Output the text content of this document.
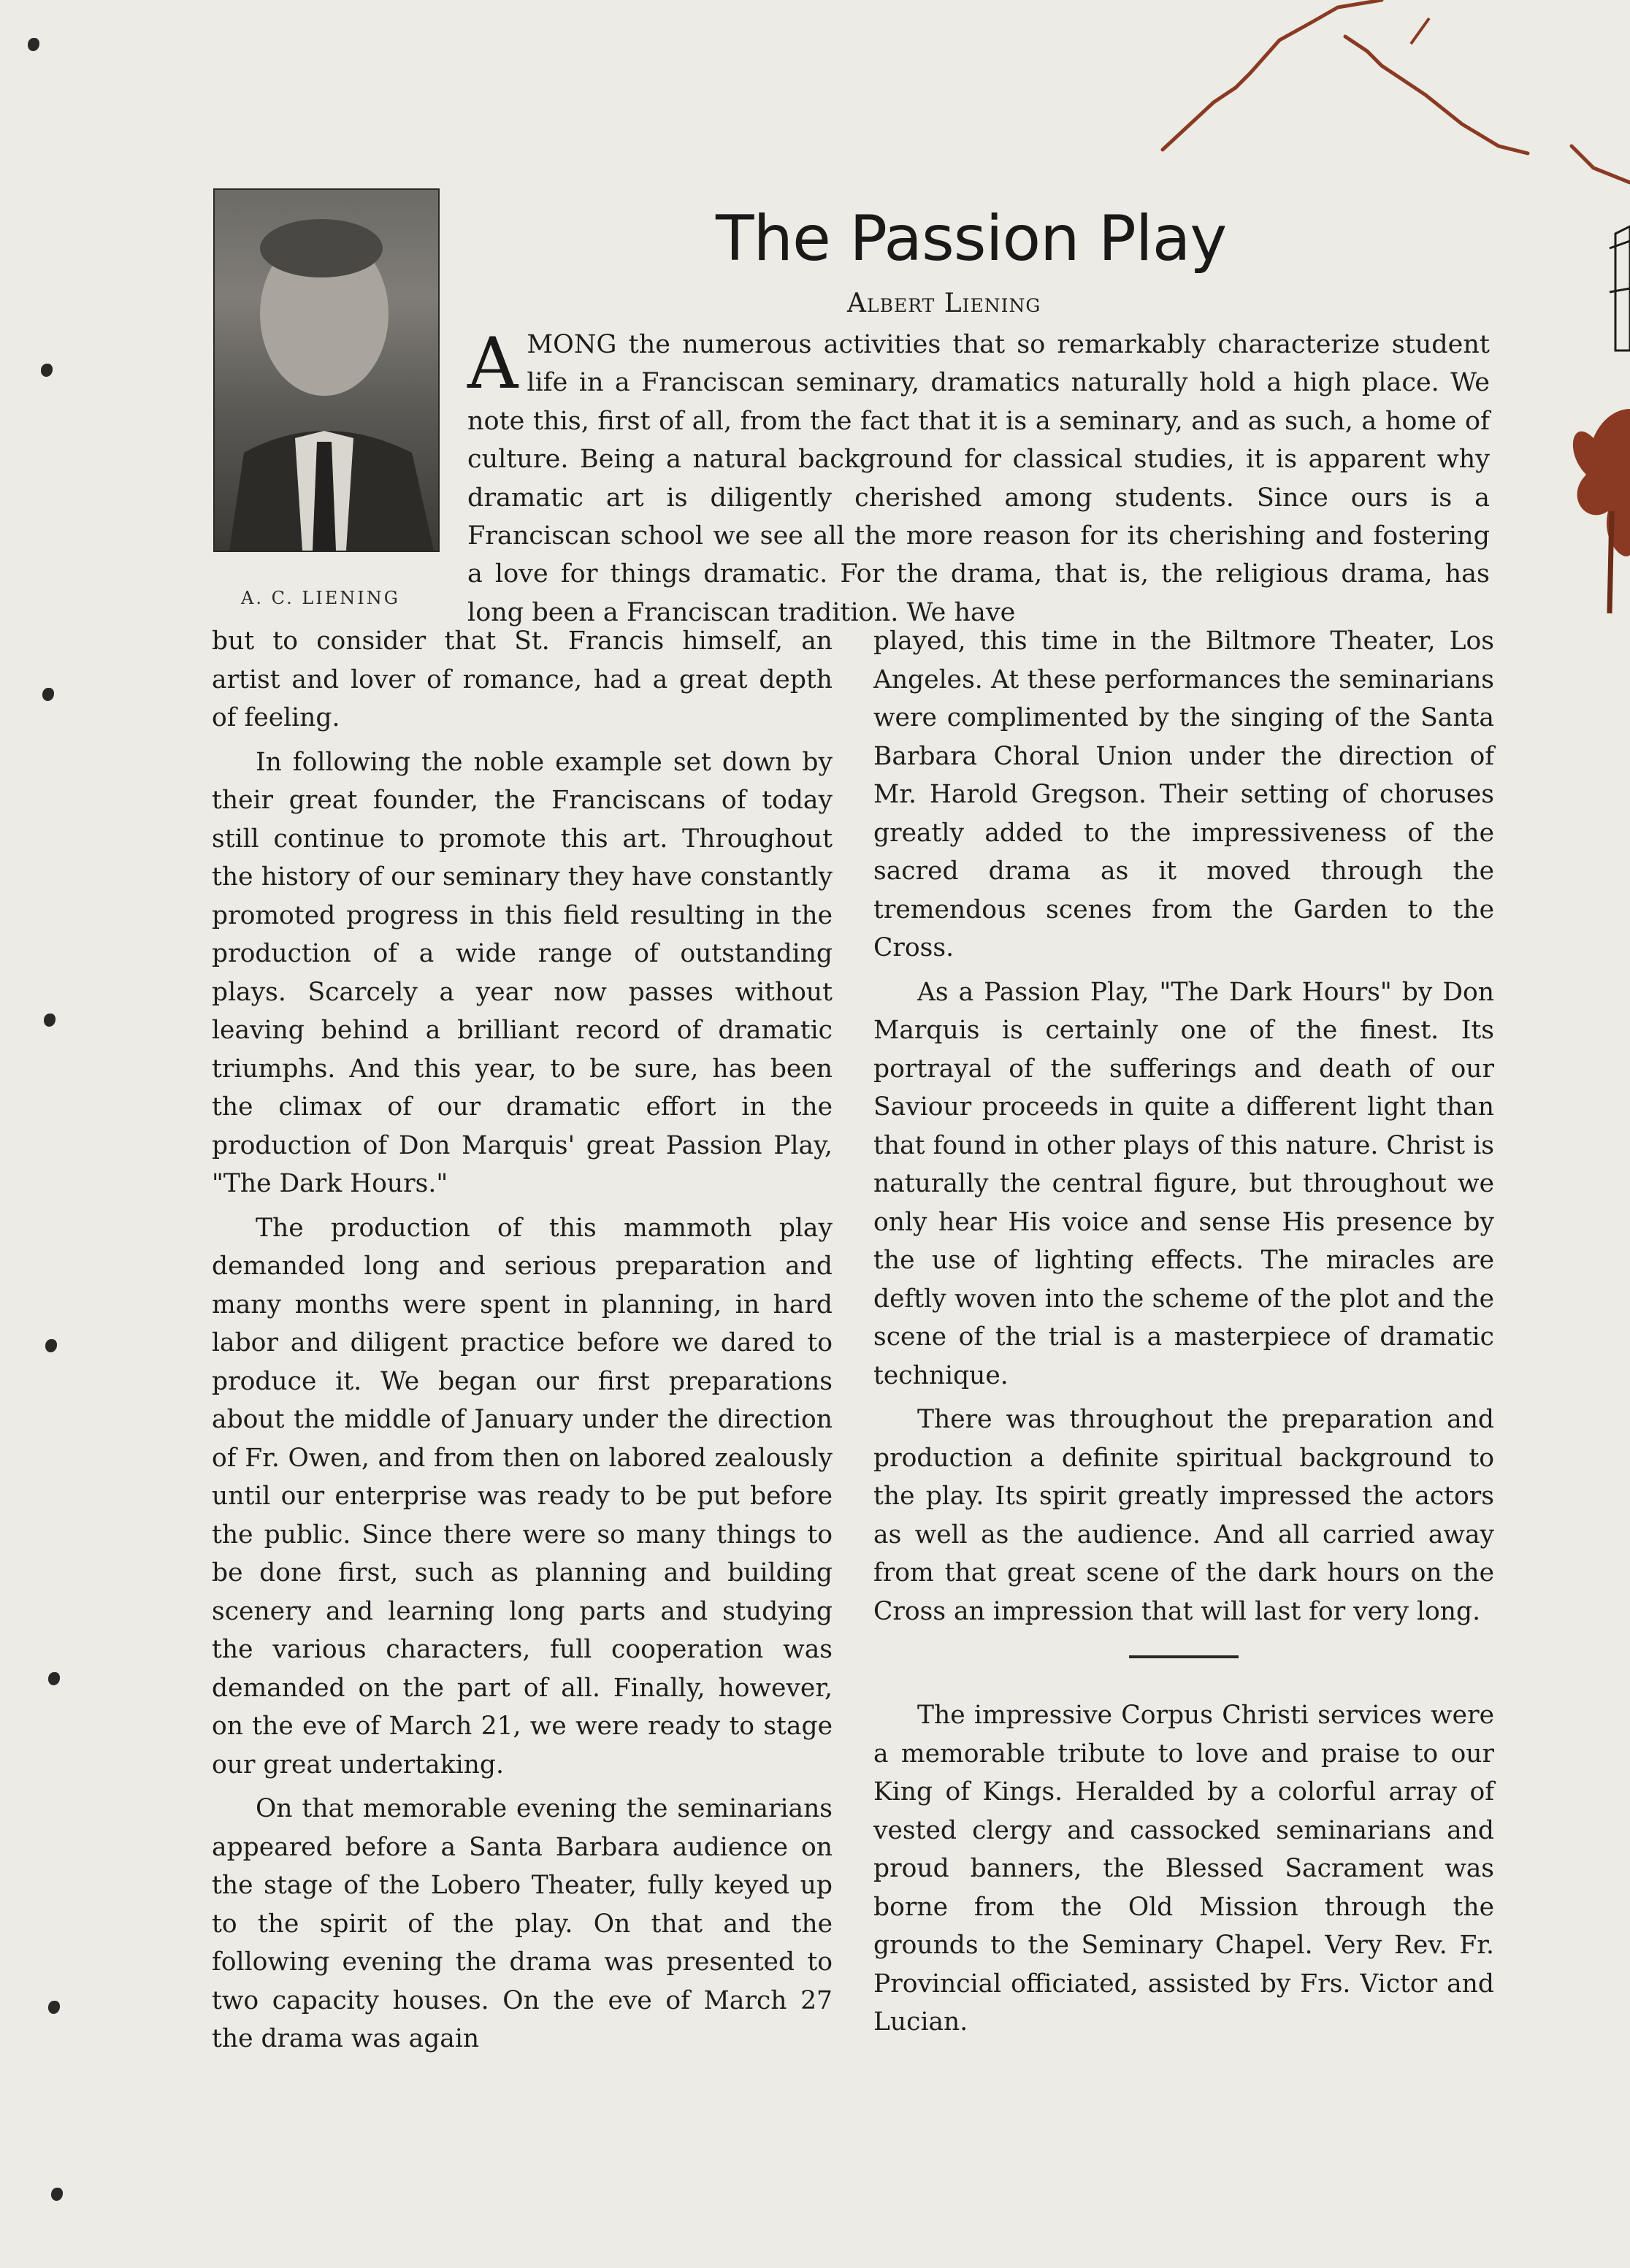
The Passion Play
Albert Liening
A. C. LIENING

A MONG the numerous activities that so remarkably characterize student life in a Franciscan seminary, dramatics naturally hold a high place. We note this, first of all, from the fact that it is a seminary, and as such, a home of culture. Being a natural background for classical studies, it is apparent why dramatic art is diligently cherished among students. Since ours is a Franciscan school we see all the more reason for its cherishing and fostering a love for things dramatic. For the drama, that is, the religious drama, has long been a Franciscan tradition. We have

but to consider that St. Francis himself, an artist and lover of romance, had a great depth of feeling.

In following the noble example set down by their great founder, the Franciscans of today still continue to promote this art. Throughout the history of our seminary they have constantly promoted progress in this field resulting in the production of a wide range of outstanding plays. Scarcely a year now passes without leaving behind a brilliant record of dramatic triumphs. And this year, to be sure, has been the climax of our dramatic effort in the production of Don Marquis' great Passion Play, "The Dark Hours."

The production of this mammoth play demanded long and serious preparation and many months were spent in planning, in hard labor and diligent practice before we dared to produce it. We began our first preparations about the middle of January under the direction of Fr. Owen, and from then on labored zealously until our enterprise was ready to be put before the public. Since there were so many things to be done first, such as planning and building scenery and learning long parts and studying the various characters, full cooperation was demanded on the part of all. Finally, however, on the eve of March 21, we were ready to stage our great undertaking.

On that memorable evening the seminarians appeared before a Santa Barbara audience on the stage of the Lobero Theater, fully keyed up to the spirit of the play. On that and the following evening the drama was presented to two capacity houses. On the eve of March 27 the drama was again

played, this time in the Biltmore Theater, Los Angeles. At these performances the seminarians were complimented by the singing of the Santa Barbara Choral Union under the direction of Mr. Harold Gregson. Their setting of choruses greatly added to the impressiveness of the sacred drama as it moved through the tremendous scenes from the Garden to the Cross.

As a Passion Play, "The Dark Hours" by Don Marquis is certainly one of the finest. Its portrayal of the sufferings and death of our Saviour proceeds in quite a different light than that found in other plays of this nature. Christ is naturally the central figure, but throughout we only hear His voice and sense His presence by the use of lighting effects. The miracles are deftly woven into the scheme of the plot and the scene of the trial is a masterpiece of dramatic technique.

There was throughout the preparation and production a definite spiritual background to the play. Its spirit greatly impressed the actors as well as the audience. And all carried away from that great scene of the dark hours on the Cross an impression that will last for very long.

The impressive Corpus Christi services were a memorable tribute to love and praise to our King of Kings. Heralded by a colorful array of vested clergy and cassocked seminarians and proud banners, the Blessed Sacrament was borne from the Old Mission through the grounds to the Seminary Chapel. Very Rev. Fr. Provincial officiated, assisted by Frs. Victor and Lucian.
